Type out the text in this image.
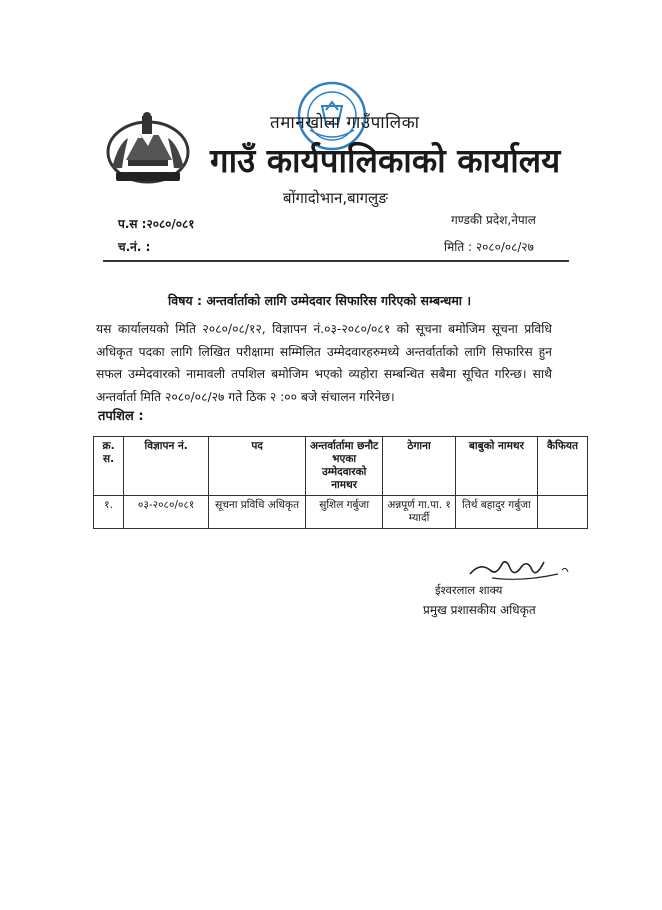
तमानखोला गाउँपालिका
गाउँ कार्यपालिकाको कार्यालय
बोंगादोभान,बागलुङ
प.स :२०८०/०८१
च.नं. :
गण्डकी प्रदेश,नेपाल
मिति : २०८०/०८/२७
विषय : अन्तर्वार्ताको लागि उम्मेदवार सिफारिस गरिएको सम्बन्धमा ।
यस कार्यालयको मिति २०८०/०८/१२, विज्ञापन नं.०३-२०८०/०८१ को सूचना बमोजिम सूचना प्रविधि अधिकृत पदका लागि लिखित परीक्षामा सम्मिलित उम्मेदवारहरुमध्ये अन्तर्वार्ताको लागि सिफारिस हुन सफल उम्मेदवारको नामावली तपशिल बमोजिम भएको व्यहोरा सम्बन्धित सबैमा सूचित गरिन्छ। साथै अन्तर्वार्ता मिति २०८०/०८/२७ गते ठिक २ :०० बजे संचालन गरिनेछ।
तपशिल :
क्र. स.	विज्ञापन नं.	पद	अन्तर्वार्तामा छनौट भएका उम्मेदवारको नामथर	ठेगाना	बाबुको नामथर	कैफियत
१.	०३-२०८०/०८१	सूचना प्रविधि अधिकृत	सुशिल गर्बुजा	अन्नपूर्ण गा.पा. १ म्यार्दी	तिर्थ बहादुर गर्बुजा	
ईश्वरलाल शाक्य
प्रमुख प्रशासकीय अधिकृत
